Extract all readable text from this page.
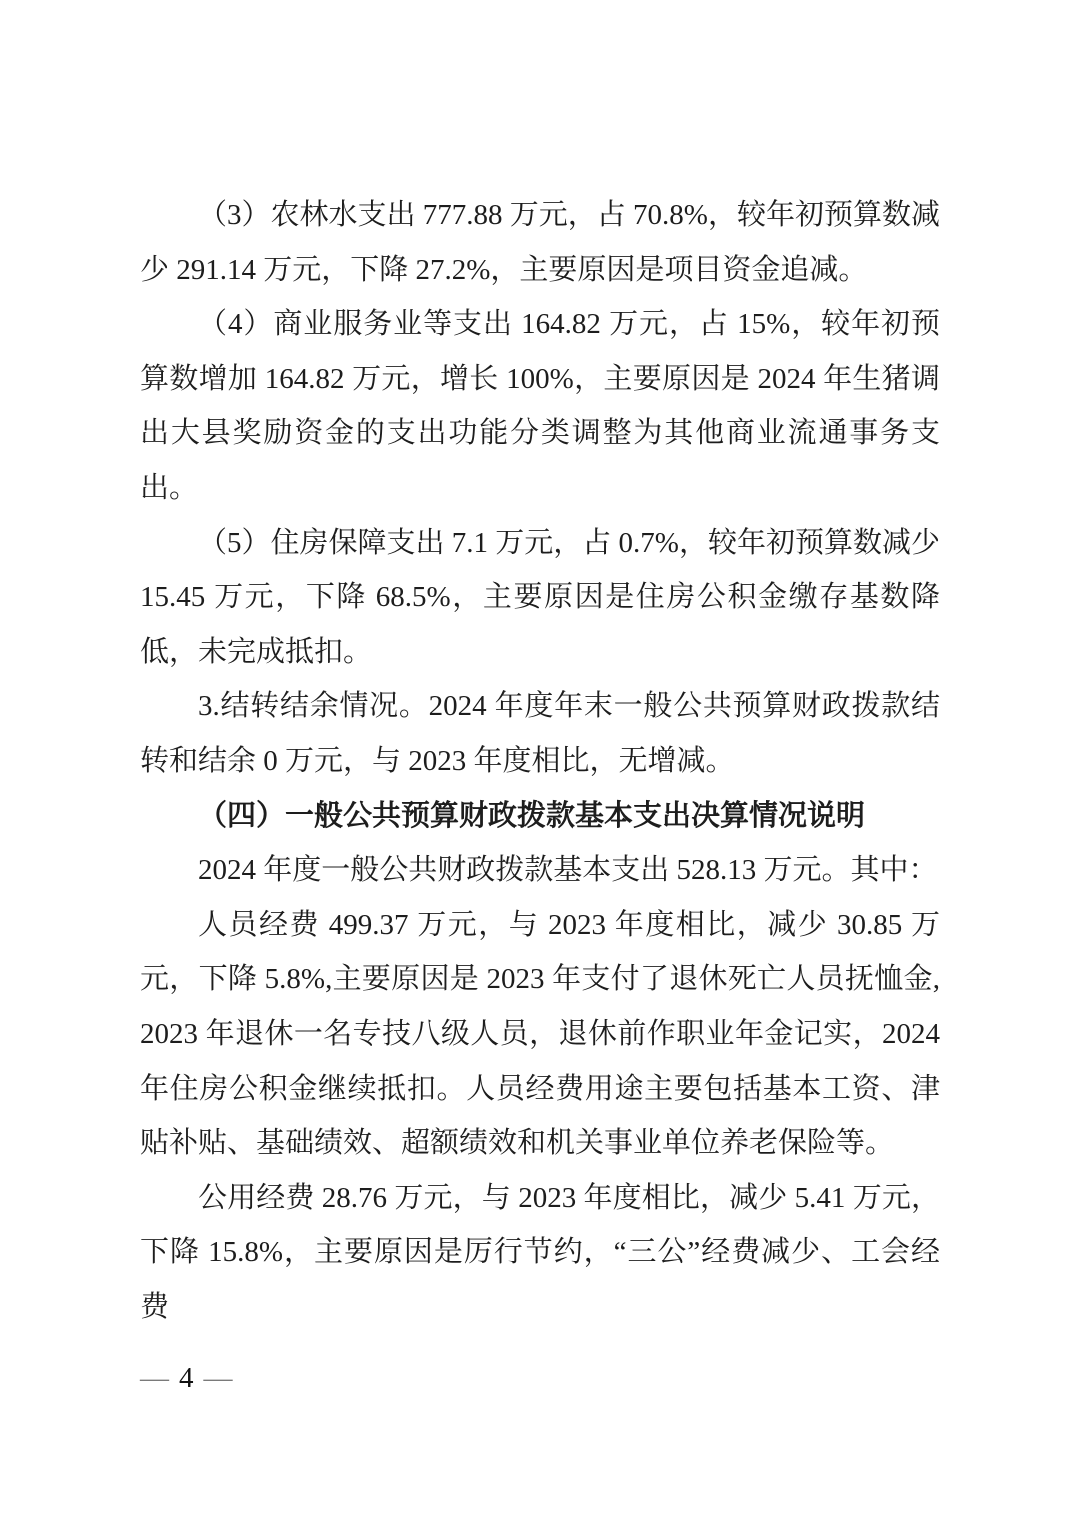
（3）农林水支出 777.88 万元，占 70.8%，较年初预算数减少 291.14 万元，下降 27.2%，主要原因是项目资金追减。

（4）商业服务业等支出 164.82 万元，占 15%，较年初预算数增加 164.82 万元，增长 100%，主要原因是 2024 年生猪调出大县奖励资金的支出功能分类调整为其他商业流通事务支出。

（5）住房保障支出 7.1 万元，占 0.7%，较年初预算数减少 15.45 万元，下降 68.5%，主要原因是住房公积金缴存基数降低，未完成抵扣。

3.结转结余情况。2024 年度年末一般公共预算财政拨款结转和结余 0 万元，与 2023 年度相比，无增减。

（四）一般公共预算财政拨款基本支出决算情况说明

2024 年度一般公共财政拨款基本支出 528.13 万元。其中：

人员经费 499.37 万元，与 2023 年度相比，减少 30.85 万元，下降 5.8%,主要原因是 2023 年支付了退休死亡人员抚恤金,2023 年退休一名专技八级人员，退休前作职业年金记实，2024 年住房公积金继续抵扣。人员经费用途主要包括基本工资、津贴补贴、基础绩效、超额绩效和机关事业单位养老保险等。

公用经费 28.76 万元，与 2023 年度相比，减少 5.41 万元，下降 15.8%，主要原因是厉行节约，“三公”经费减少、工会经费

— 4 —
